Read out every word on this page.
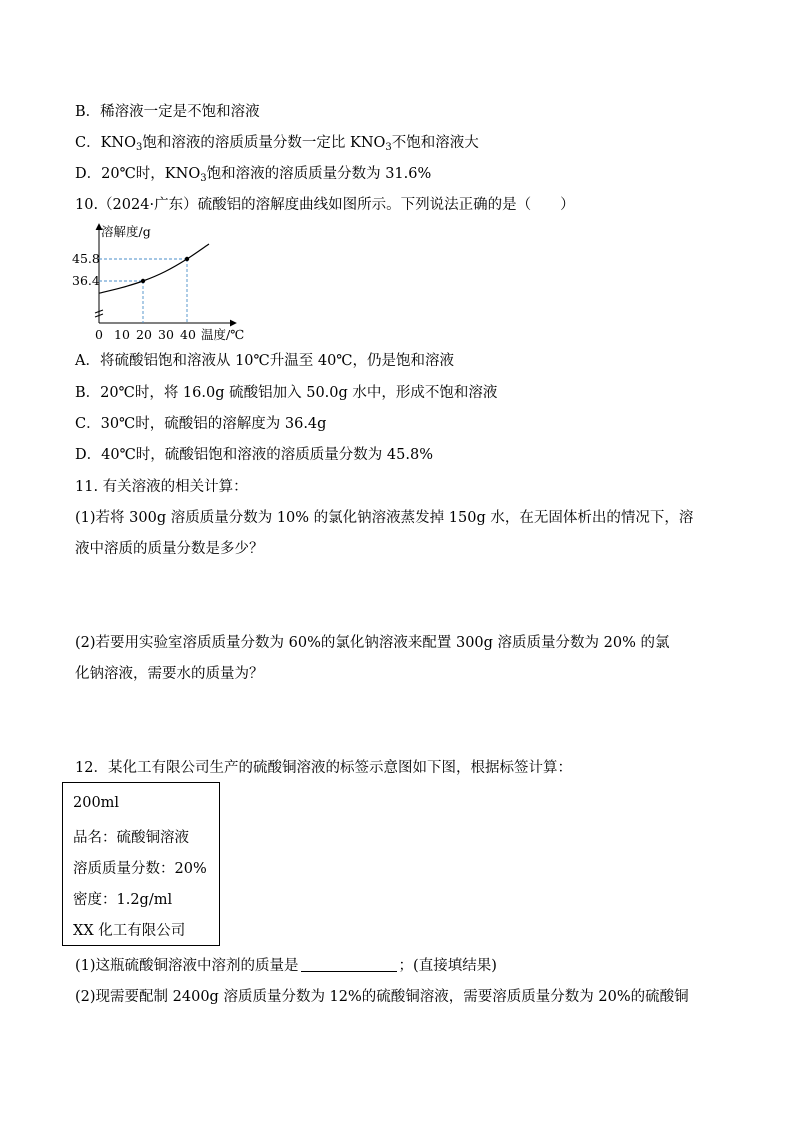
B．稀溶液一定是不饱和溶液
C．$KNO_3$饱和溶液的溶质质量分数一定比 $KNO_3$不饱和溶液大
D．20℃时，$KNO_3$饱和溶液的溶质质量分数为 31.6%
10.（2024·广东）硫酸铝的溶解度曲线如图所示。下列说法正确的是（　　）
溶解度/g
45.8
36.4
0 10 20 30 40 温度/℃
A．将硫酸铝饱和溶液从 10℃升温至 40℃，仍是饱和溶液
B．20℃时，将 16.0g 硫酸铝加入 50.0g 水中，形成不饱和溶液
C．30℃时，硫酸铝的溶解度为 36.4g
D．40℃时，硫酸铝饱和溶液的溶质质量分数为 45.8%
11. 有关溶液的相关计算：
(1)若将 300g 溶质质量分数为 10% 的氯化钠溶液蒸发掉 150g 水，在无固体析出的情况下，溶
液中溶质的质量分数是多少？
(2)若要用实验室溶质质量分数为 60%的氯化钠溶液来配置 300g 溶质质量分数为 20% 的氯
化钠溶液，需要水的质量为？
12．某化工有限公司生产的硫酸铜溶液的标签示意图如下图，根据标签计算：
200ml
品名：硫酸铜溶液
溶质质量分数：20%
密度：1.2g/ml
XX 化工有限公司
(1)这瓶硫酸铜溶液中溶剂的质量是	；(直接填结果)
(2)现需要配制 2400g 溶质质量分数为 12%的硫酸铜溶液，需要溶质质量分数为 20%的硫酸铜
